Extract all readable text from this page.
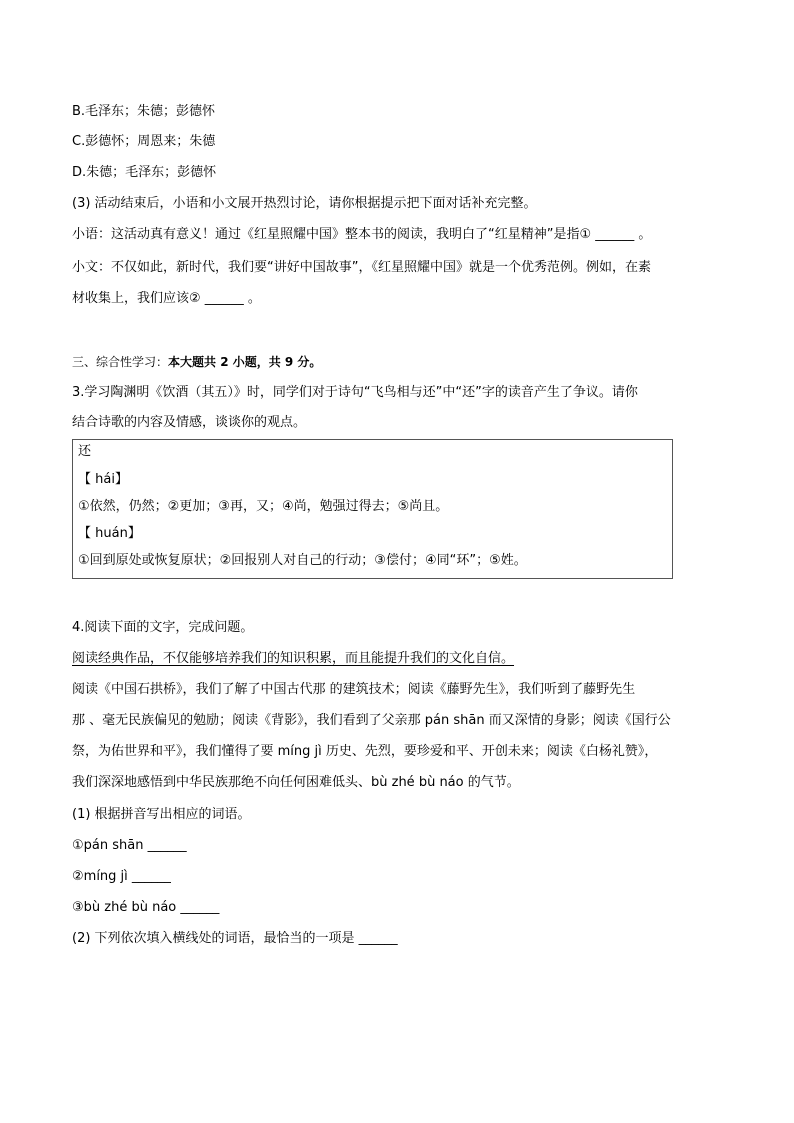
B.毛泽东；朱德；彭德怀
C.彭德怀；周恩来；朱德
D.朱德；毛泽东；彭德怀
(3) 活动结束后，小语和小文展开热烈讨论，请你根据提示把下面对话补充完整。
小语：这活动真有意义！通过《红星照耀中国》整本书的阅读，我明白了“红星精神”是指① ______ 。
小文：不仅如此，新时代，我们要“讲好中国故事”，《红星照耀中国》就是一个优秀范例。例如，在素
材收集上，我们应该② ______ 。
三、综合性学习：本大题共 2 小题，共 9 分。
3.学习陶渊明《饮酒（其五）》时，同学们对于诗句“飞鸟相与还”中“还”字的读音产生了争议。请你
结合诗歌的内容及情感，谈谈你的观点。
还
【 hái】
①依然，仍然；②更加；③再，又；④尚，勉强过得去；⑤尚且。
【 huán】
①回到原处或恢复原状；②回报别人对自己的行动；③偿付；④同“环”；⑤姓。
4.阅读下面的文字，完成问题。
阅读经典作品，不仅能够培养我们的知识积累，而且能提升我们的文化自信。
阅读《中国石拱桥》，我们了解了中国古代那 的建筑技术；阅读《藤野先生》，我们听到了藤野先生
那 、毫无民族偏见的勉励；阅读《背影》，我们看到了父亲那 pán shān 而又深情的身影；阅读《国行公
祭，为佑世界和平》，我们懂得了要 míng jì 历史、先烈，要珍爱和平、开创未来；阅读《白杨礼赞》，
我们深深地感悟到中华民族那绝不向任何困难低头、bù zhé bù náo 的气节。
(1) 根据拼音写出相应的词语。
①pán shān ______
②míng jì ______
③bù zhé bù náo ______
(2) 下列依次填入横线处的词语，最恰当的一项是 ______
